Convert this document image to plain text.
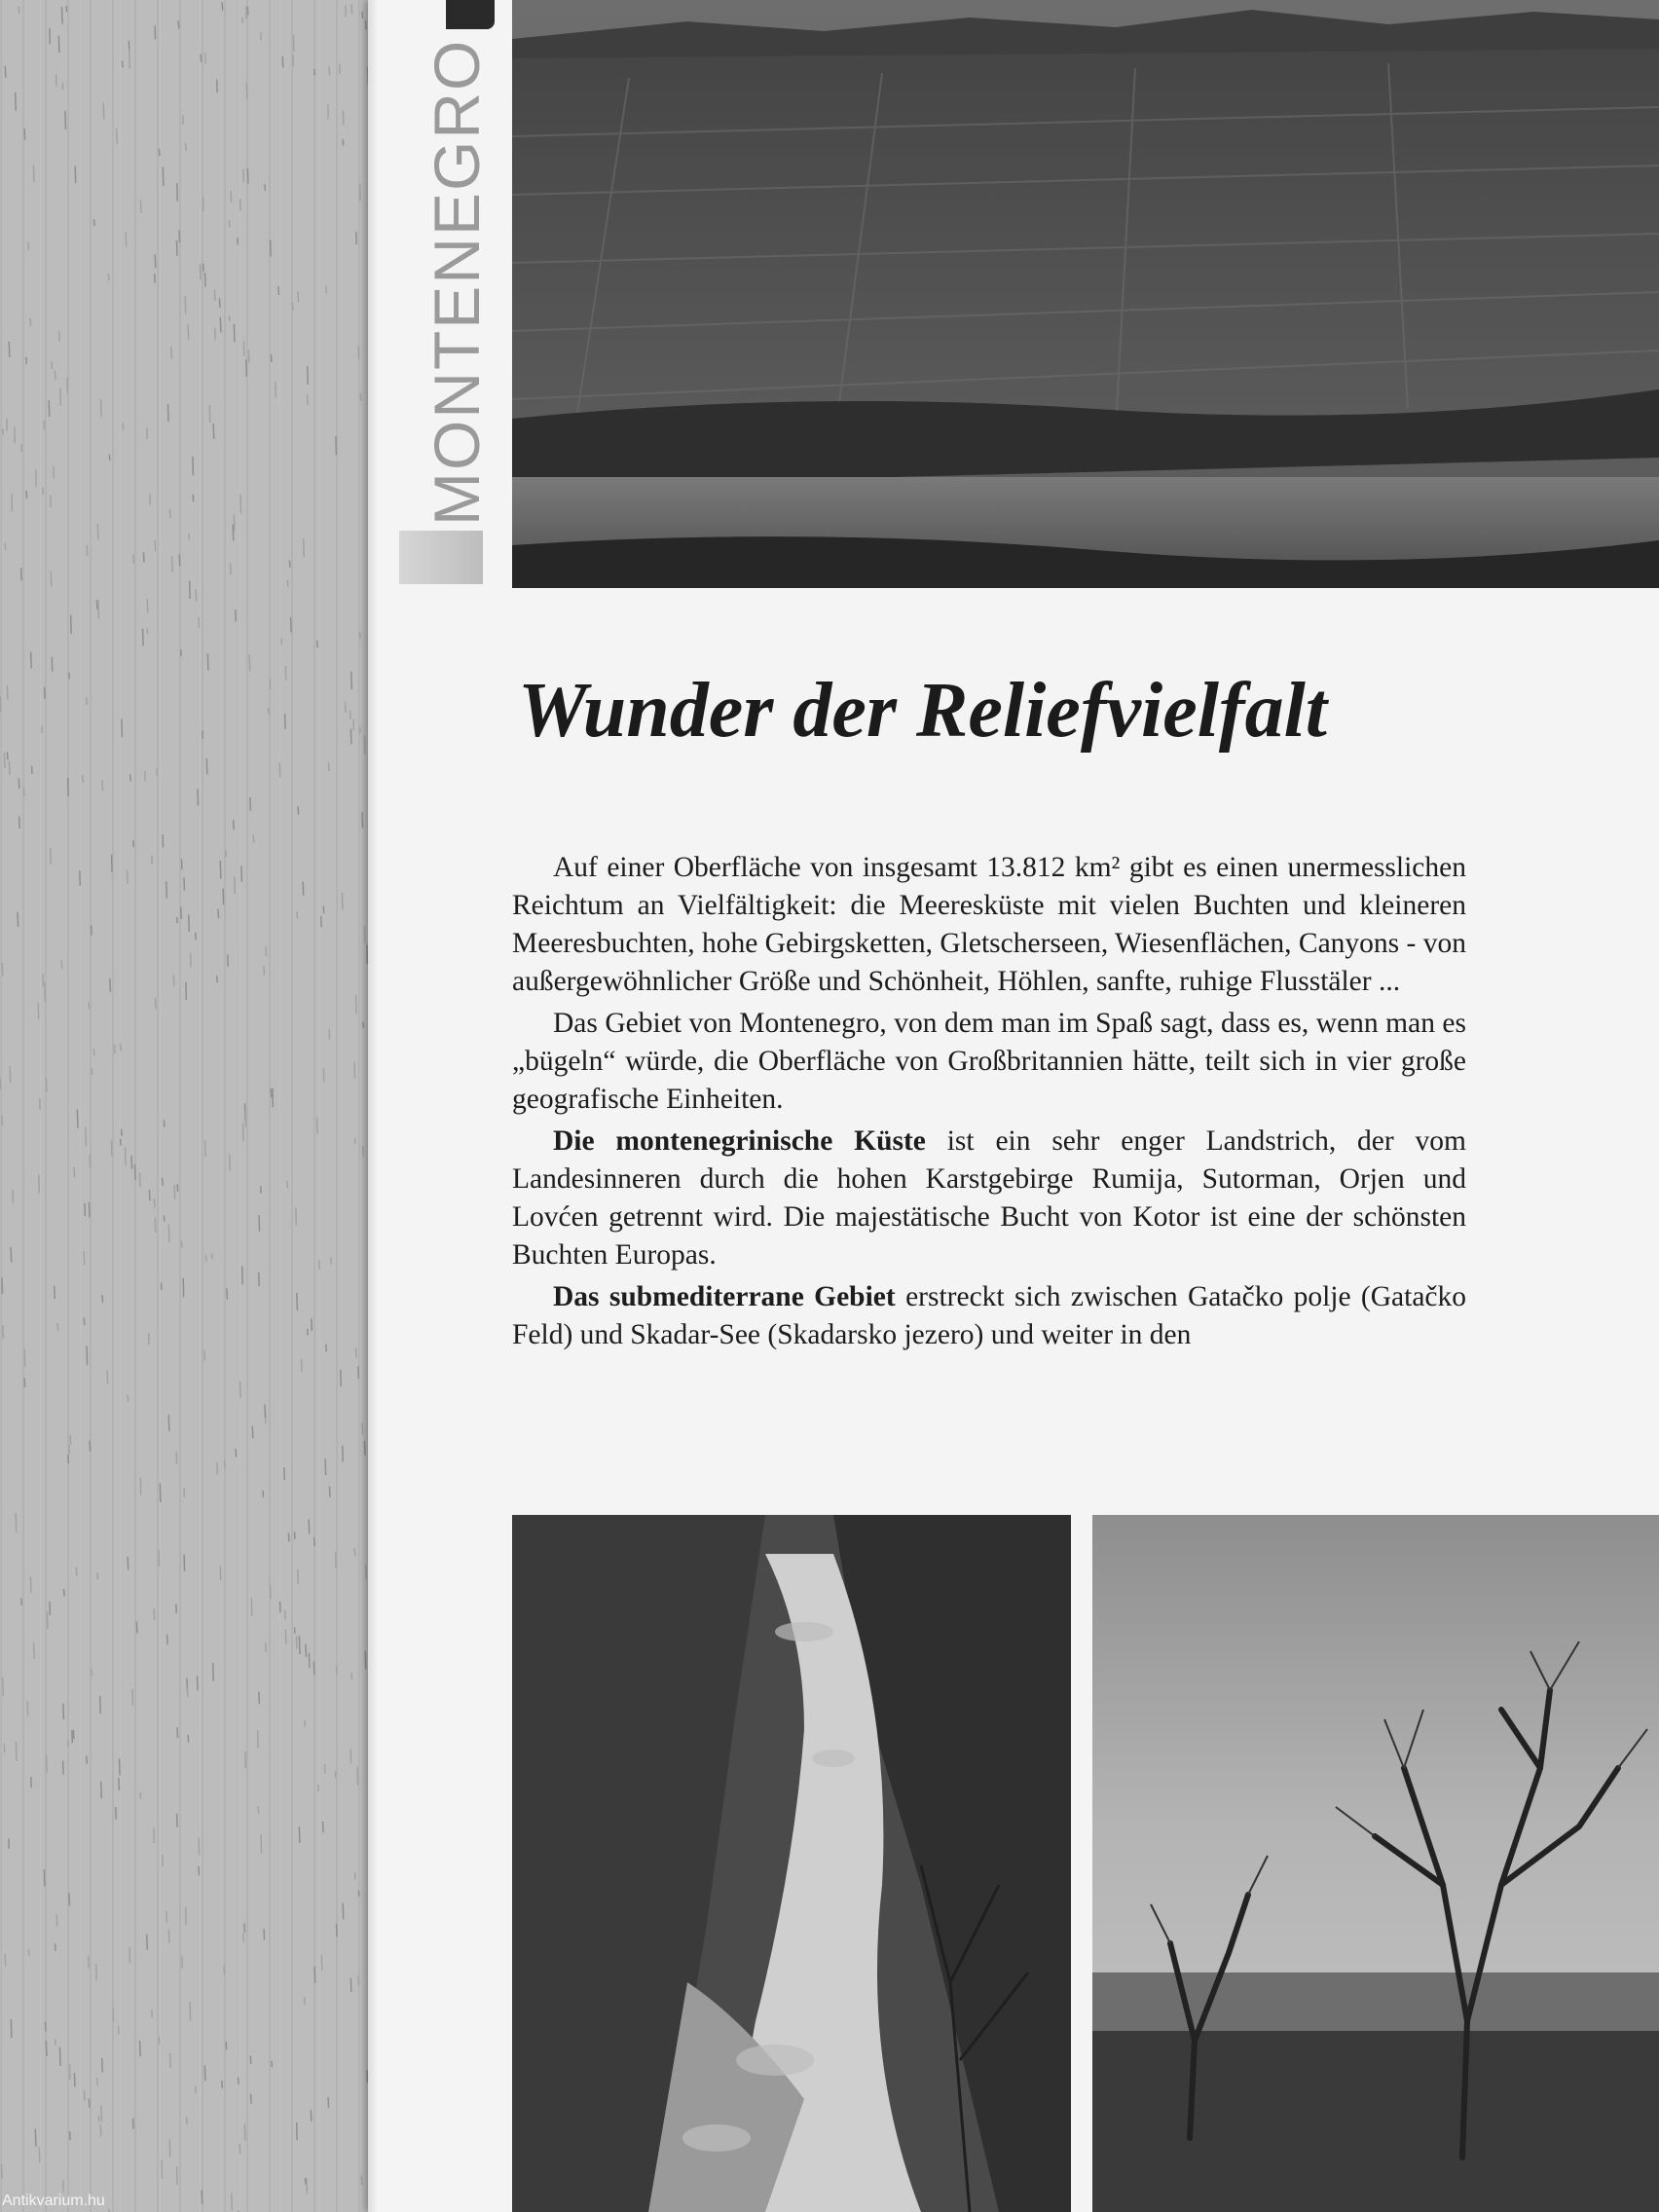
MONTENEGRO
Wunder der Reliefvielfalt

Auf einer Oberfläche von insgesamt 13.812 km² gibt es einen unermesslichen Reichtum an Vielfältigkeit: die Meeresküste mit vielen Buchten und kleineren Meeresbuchten, hohe Gebirgsketten, Gletscherseen, Wiesenflächen, Canyons - von außergewöhnlicher Größe und Schönheit, Höhlen, sanfte, ruhige Flusstäler ...

Das Gebiet von Montenegro, von dem man im Spaß sagt, dass es, wenn man es „bügeln“ würde, die Oberfläche von Großbritannien hätte, teilt sich in vier große geografische Einheiten.

Die montenegrinische Küste ist ein sehr enger Landstrich, der vom Landesinneren durch die hohen Karstgebirge Rumija, Sutorman, Orjen und Lovćen getrennt wird. Die majestätische Bucht von Kotor ist eine der schönsten Buchten Europas.

Das submediterrane Gebiet erstreckt sich zwischen Gatačko polje (Gatačko Feld) und Skadar-See (Skadarsko jezero) und weiter in den

Antikvarium.hu
